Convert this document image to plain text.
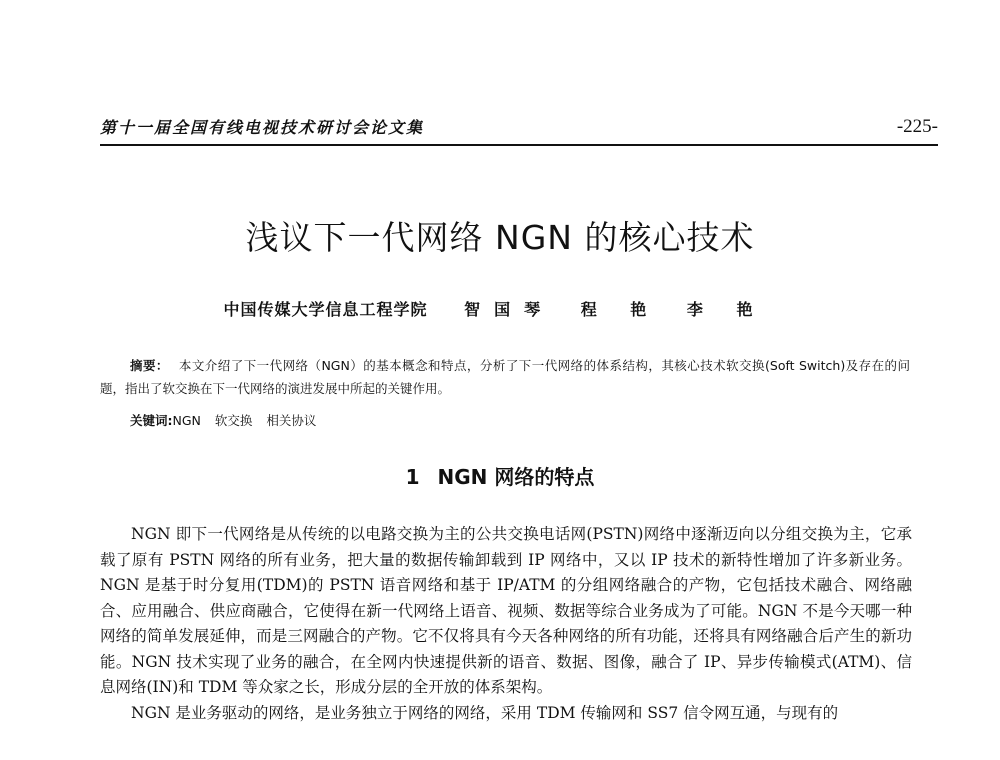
第十一届全国有线电视技术研讨会论文集	-225-
浅议下一代网络 NGN 的核心技术
中国传媒大学信息工程学院 智国琴 程 艳 李 艳
摘要： 本文介绍了下一代网络（NGN）的基本概念和特点，分析了下一代网络的体系结构，其核心技术软交换(Soft Switch)及存在的问题，指出了软交换在下一代网络的演进发展中所起的关键作用。
关键词:NGN 软交换 相关协议
1 NGN 网络的特点

NGN 即下一代网络是从传统的以电路交换为主的公共交换电话网(PSTN)网络中逐渐迈向以分组交换为主，它承载了原有 PSTN 网络的所有业务，把大量的数据传输卸载到 IP 网络中，又以 IP 技术的新特性增加了许多新业务。NGN 是基于时分复用(TDM)的 PSTN 语音网络和基于 IP/ATM 的分组网络融合的产物，它包括技术融合、网络融合、应用融合、供应商融合，它使得在新一代网络上语音、视频、数据等综合业务成为了可能。NGN 不是今天哪一种网络的简单发展延伸，而是三网融合的产物。它不仅将具有今天各种网络的所有功能，还将具有网络融合后产生的新功能。NGN 技术实现了业务的融合，在全网内快速提供新的语音、数据、图像，融合了 IP、异步传输模式(ATM)、信息网络(IN)和 TDM 等众家之长，形成分层的全开放的体系架构。

NGN 是业务驱动的网络，是业务独立于网络的网络，采用 TDM 传输网和 SS7 信令网互通，与现有的
